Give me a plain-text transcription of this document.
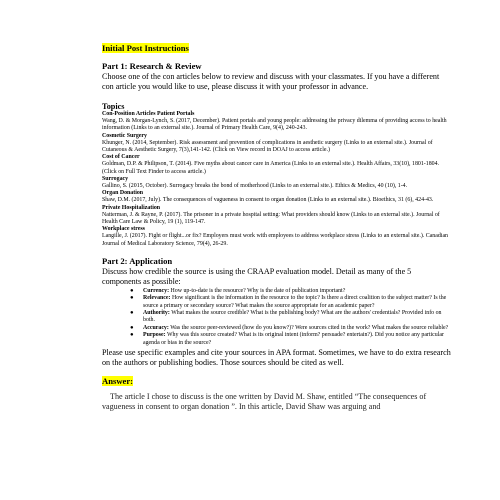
Initial Post Instructions
Part 1: Research & Review

Choose one of the con articles below to review and discuss with your classmates. If you have a different con article you would like to use, please discuss it with your professor in advance.

Topics
Con-Position Articles Patient Portals
Wang, D. & Morgan-Lynch, S. (2017, December). Patient portals and young people: addressing the privacy dilemma of providing access to health information (Links to an external site.). Journal of Primary Health Care, 9(4), 240-243.
Cosmetic Surgery
Khunger, N. (2014, September). Risk assessment and prevention of complications in aesthetic surgery (Links to an external site.). Journal of Cutaneous & Aesthetic Surgery, 7(3),141-142. (Click on View record in DOAJ to access article.)
Cost of Cancer
Goldman, D.P. & Philipson, T. (2014). Five myths about cancer care in America (Links to an external site.). Health Affairs, 33(10), 1801-1804. (Click on Full Text Finder to access article.)
Surrogacy
Gallino, S. (2015, October). Surrogacy breaks the bond of motherhood (Links to an external site.). Ethics & Medics, 40 (10), 1-4.
Organ Donation
Shaw, D.M. (2017, July). The consequences of vagueness in consent to organ donation (Links to an external site.). Bioethics, 31 (6), 424-43.
Private Hospitalization
Natterman, J. & Rayne, P. (2017). The prisoner in a private hospital setting: What providers should know (Links to an external site.). Journal of Health Care Law & Policy, 19 (1), 119-147.
Workplace stress
Langille, J. (2017). Fight or flight...or fix? Employers must work with employees to address workplace stress (Links to an external site.). Canadian Journal of Medical Laboratory Science, 79(4), 26-29.
Part 2: Application

Discuss how credible the source is using the CRAAP evaluation model. Detail as many of the 5 components as possible:

● Currency: How up-to-date is the resource? Why is the date of publication important?
● Relevance: How significant is the information in the resource to the topic? Is there a direct coalition to the subject matter? Is the source a primary or secondary source? What makes the source appropriate for an academic paper?
● Authority: What makes the source credible? What is the publishing body? What are the authors' credentials? Provided info on both.
● Accuracy: Was the source peer-reviewed (how do you know?)? Were sources cited in the work? What makes the source reliable?
● Purpose: Why was this source created? What is its original intent (inform? persuade? entertain?). Did you notice any particular agenda or bias in the source?

Please use specific examples and cite your sources in APA format. Sometimes, we have to do extra research on the authors or publishing bodies. Those sources should be cited as well.

Answer:

The article I chose to discuss is the one written by David M. Shaw, entitled “The consequences of vagueness in consent to organ donation ”. In this article, David Shaw was arguing and
